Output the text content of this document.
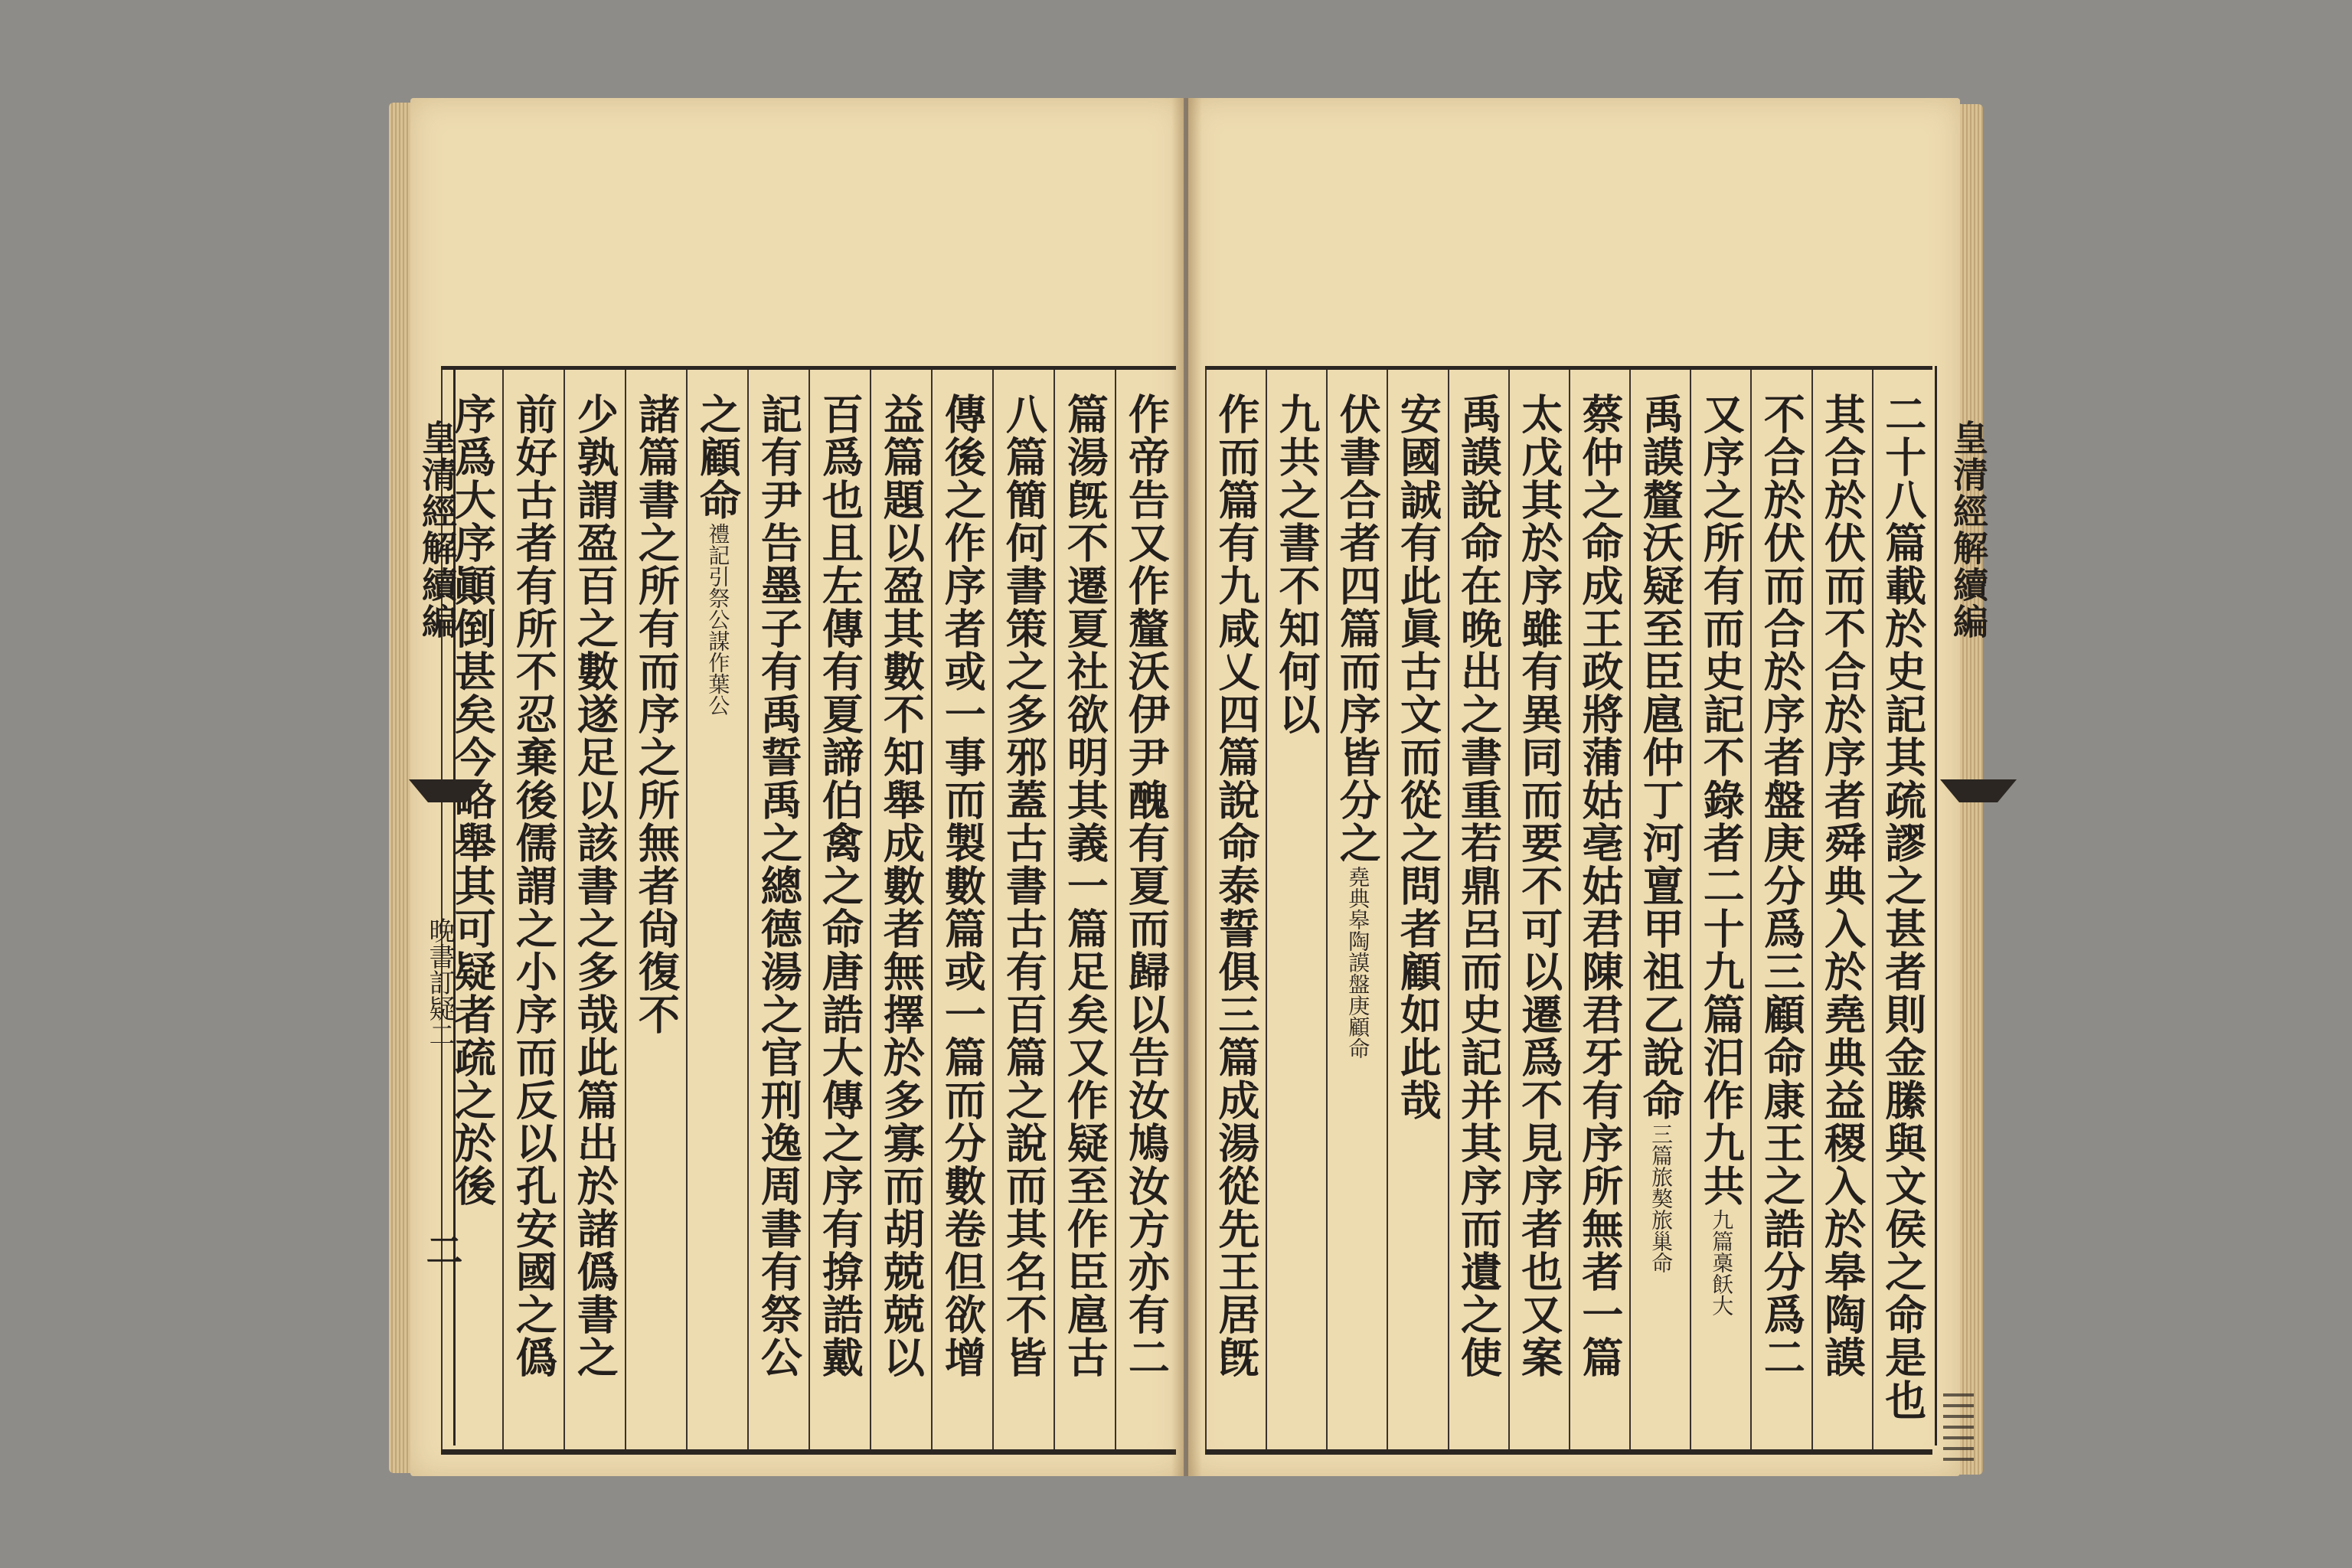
作帝告又作釐沃伊尹醜有夏而歸以告汝鳩汝方亦有二
篇湯旣不遷夏社欲明其義一篇足矣又作疑至作臣扈古
八篇簡何書策之多邪蓋古書古有百篇之說而其名不皆
傳後之作序者或一事而製數篇或一篇而分數卷但欲增
益篇題以盈其數不知舉成數者無擇於多寡而胡兢兢以
百爲也且左傳有夏諦伯禽之命唐誥大傳之序有揜誥戴
記有尹告墨子有禹誓禹之總德湯之官刑逸周書有祭公
之顧命
禮記引祭公謀作葉公
諸篇書之所有而序之所無者尙復不
少孰謂盈百之數遂足以該書之多哉此篇出於諸僞書之
前好古者有所不忍棄後儒謂之小序而反以孔安國之僞
序爲大序顚倒甚矣今略舉其可疑者疏之於後
皇清經解續編
晚書訂疑二
二	二十八篇載於史記其疏謬之甚者則金縢與文侯之命是也
其合於伏而不合於序者舜典入於堯典益稷入於皋陶謨
不合於伏而合於序者盤庚分爲三顧命康王之誥分爲二
又序之所有而史記不錄者二十九篇汨作九共
九篇槀飫大
禹謨釐沃疑至臣扈仲丁河亶甲祖乙說命
三篇旅獒旅巢命
蔡仲之命成王政將蒲姑亳姑君陳君牙有序所無者一篇
太戊其於序雖有異同而要不可以遷爲不見序者也又案
禹謨說命在晚出之書重若鼎呂而史記并其序而遺之使
安國誠有此眞古文而從之問者顧如此哉
伏書合者四篇而序皆分之
堯典皋陶謨盤庚顧命
九共之書不知何以
作而篇有九咸乂四篇說命泰誓俱三篇成湯從先王居旣	皇清經解續編
